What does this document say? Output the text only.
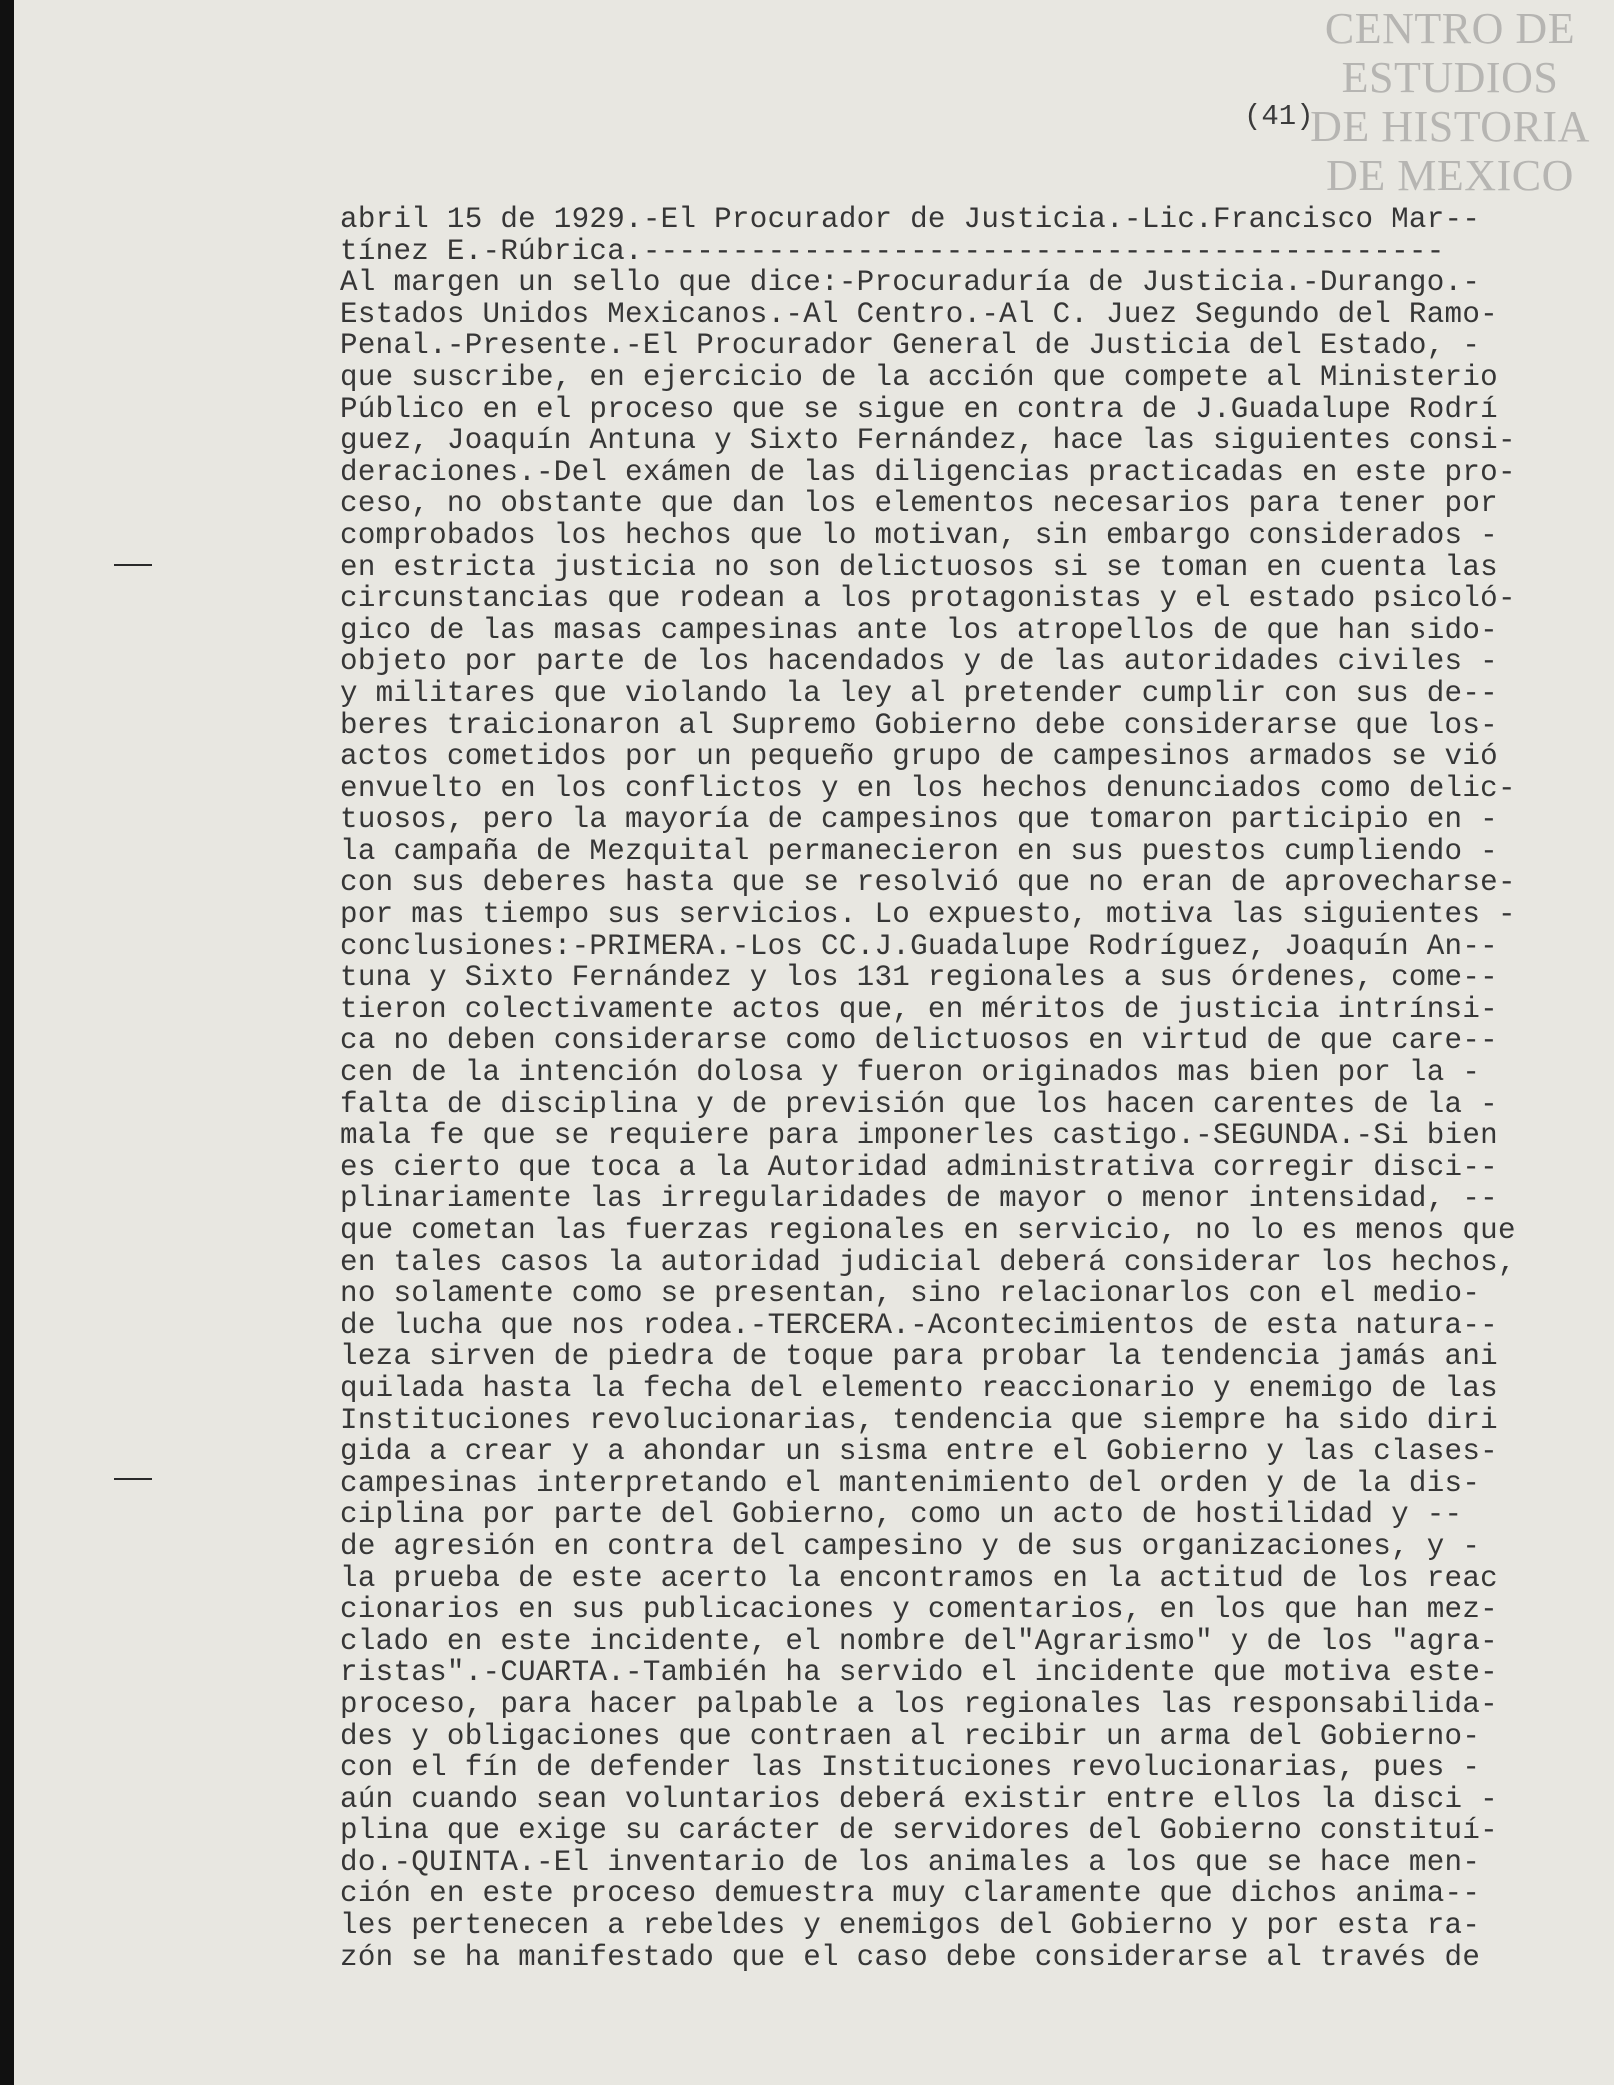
CENTRO DE
ESTUDIOS
DE HISTORIA
DE MEXICO
(41)
abril 15 de 1929.-El Procurador de Justicia.-Lic.Francisco Mar--
tínez E.-Rúbrica.---------------------------------------------
Al margen un sello que dice:-Procuraduría de Justicia.-Durango.-
Estados Unidos Mexicanos.-Al Centro.-Al C. Juez Segundo del Ramo-
Penal.-Presente.-El Procurador General de Justicia del Estado, -
que suscribe, en ejercicio de la acción que compete al Ministerio
Público en el proceso que se sigue en contra de J.Guadalupe Rodrí
guez, Joaquín Antuna y Sixto Fernández, hace las siguientes consi-
deraciones.-Del exámen de las diligencias practicadas en este pro-
ceso, no obstante que dan los elementos necesarios para tener por
comprobados los hechos que lo motivan, sin embargo considerados -
en estricta justicia no son delictuosos si se toman en cuenta las
circunstancias que rodean a los protagonistas y el estado psicoló-
gico de las masas campesinas ante los atropellos de que han sido-
objeto por parte de los hacendados y de las autoridades civiles -
y militares que violando la ley al pretender cumplir con sus de--
beres traicionaron al Supremo Gobierno debe considerarse que los-
actos cometidos por un pequeño grupo de campesinos armados se vió
envuelto en los conflictos y en los hechos denunciados como delic-
tuosos, pero la mayoría de campesinos que tomaron participio en -
la campaña de Mezquital permanecieron en sus puestos cumpliendo -
con sus deberes hasta que se resolvió que no eran de aprovecharse-
por mas tiempo sus servicios. Lo expuesto, motiva las siguientes -
conclusiones:-PRIMERA.-Los CC.J.Guadalupe Rodríguez, Joaquín An--
tuna y Sixto Fernández y los 131 regionales a sus órdenes, come--
tieron colectivamente actos que, en méritos de justicia intrínsi-
ca no deben considerarse como delictuosos en virtud de que care--
cen de la intención dolosa y fueron originados mas bien por la -
falta de disciplina y de previsión que los hacen carentes de la -
mala fe que se requiere para imponerles castigo.-SEGUNDA.-Si bien
es cierto que toca a la Autoridad administrativa corregir disci--
plinariamente las irregularidades de mayor o menor intensidad, --
que cometan las fuerzas regionales en servicio, no lo es menos que
en tales casos la autoridad judicial deberá considerar los hechos,
no solamente como se presentan, sino relacionarlos con el medio-
de lucha que nos rodea.-TERCERA.-Acontecimientos de esta natura--
leza sirven de piedra de toque para probar la tendencia jamás ani
quilada hasta la fecha del elemento reaccionario y enemigo de las
Instituciones revolucionarias, tendencia que siempre ha sido diri
gida a crear y a ahondar un sisma entre el Gobierno y las clases-
campesinas interpretando el mantenimiento del orden y de la dis-
ciplina por parte del Gobierno, como un acto de hostilidad y --
de agresión en contra del campesino y de sus organizaciones, y -
la prueba de este acerto la encontramos en la actitud de los reac
cionarios en sus publicaciones y comentarios, en los que han mez-
clado en este incidente, el nombre del"Agrarismo" y de los "agra-
ristas".-CUARTA.-También ha servido el incidente que motiva este-
proceso, para hacer palpable a los regionales las responsabilida-
des y obligaciones que contraen al recibir un arma del Gobierno-
con el fín de defender las Instituciones revolucionarias, pues -
aún cuando sean voluntarios deberá existir entre ellos la disci -
plina que exige su carácter de servidores del Gobierno constituí-
do.-QUINTA.-El inventario de los animales a los que se hace men-
ción en este proceso demuestra muy claramente que dichos anima--
les pertenecen a rebeldes y enemigos del Gobierno y por esta ra-
zón se ha manifestado que el caso debe considerarse al través de
